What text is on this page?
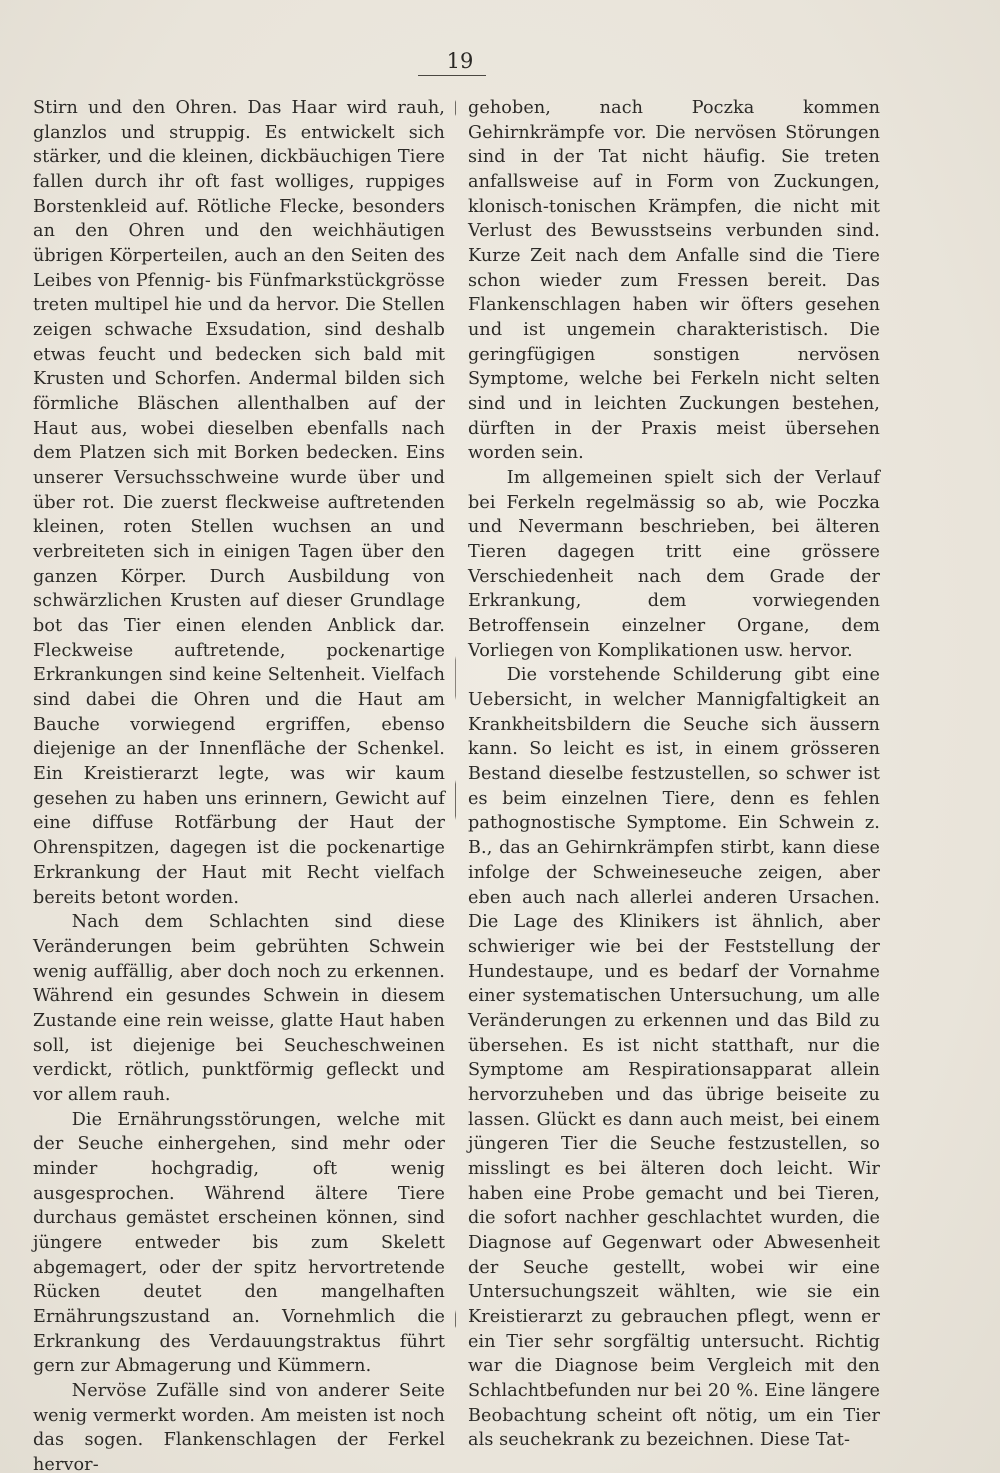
19

Stirn und den Ohren. Das Haar wird rauh, glanzlos und struppig. Es entwickelt sich stärker, und die kleinen, dickbäuchigen Tiere fallen durch ihr oft fast wolliges, ruppiges Borstenkleid auf. Rötliche Flecke, besonders an den Ohren und den weichhäutigen übrigen Körperteilen, auch an den Seiten des Leibes von Pfennig- bis Fünfmarkstückgrösse treten multipel hie und da hervor. Die Stellen zeigen schwache Exsudation, sind deshalb etwas feucht und bedecken sich bald mit Krusten und Schorfen. Andermal bilden sich förmliche Bläschen allenthalben auf der Haut aus, wobei dieselben ebenfalls nach dem Platzen sich mit Borken bedecken. Eins unserer Versuchsschweine wurde über und über rot. Die zuerst fleckweise auftretenden kleinen, roten Stellen wuchsen an und verbreiteten sich in einigen Tagen über den ganzen Körper. Durch Ausbildung von schwärzlichen Krusten auf dieser Grundlage bot das Tier einen elenden Anblick dar. Fleckweise auftretende, pockenartige Erkrankungen sind keine Seltenheit. Vielfach sind dabei die Ohren und die Haut am Bauche vorwiegend ergriffen, ebenso diejenige an der Innenfläche der Schenkel. Ein Kreistierarzt legte, was wir kaum gesehen zu haben uns erinnern, Gewicht auf eine diffuse Rotfärbung der Haut der Ohrenspitzen, dagegen ist die pockenartige Erkrankung der Haut mit Recht vielfach bereits betont worden.

Nach dem Schlachten sind diese Veränderungen beim gebrühten Schwein wenig auffällig, aber doch noch zu erkennen. Während ein gesundes Schwein in diesem Zustande eine rein weisse, glatte Haut haben soll, ist diejenige bei Seucheschweinen verdickt, rötlich, punktförmig gefleckt und vor allem rauh.

Die Ernährungsstörungen, welche mit der Seuche einhergehen, sind mehr oder minder hochgradig, oft wenig ausgesprochen. Während ältere Tiere durchaus gemästet erscheinen können, sind jüngere entweder bis zum Skelett abgemagert, oder der spitz hervortretende Rücken deutet den mangelhaften Ernährungszustand an. Vornehmlich die Erkrankung des Verdauungstraktus führt gern zur Abmagerung und Kümmern.

Nervöse Zufälle sind von anderer Seite wenig vermerkt worden. Am meisten ist noch das sogen. Flankenschlagen der Ferkel hervor-

gehoben, nach Poczka kommen Gehirnkrämpfe vor. Die nervösen Störungen sind in der Tat nicht häufig. Sie treten anfallsweise auf in Form von Zuckungen, klonisch-tonischen Krämpfen, die nicht mit Verlust des Bewusstseins verbunden sind. Kurze Zeit nach dem Anfalle sind die Tiere schon wieder zum Fressen bereit. Das Flankenschlagen haben wir öfters gesehen und ist ungemein charakteristisch. Die geringfügigen sonstigen nervösen Symptome, welche bei Ferkeln nicht selten sind und in leichten Zuckungen bestehen, dürften in der Praxis meist übersehen worden sein.

Im allgemeinen spielt sich der Verlauf bei Ferkeln regelmässig so ab, wie Poczka und Nevermann beschrieben, bei älteren Tieren dagegen tritt eine grössere Verschiedenheit nach dem Grade der Erkrankung, dem vorwiegenden Betroffensein einzelner Organe, dem Vorliegen von Komplikationen usw. hervor.

Die vorstehende Schilderung gibt eine Uebersicht, in welcher Mannigfaltigkeit an Krankheitsbildern die Seuche sich äussern kann. So leicht es ist, in einem grösseren Bestand dieselbe festzustellen, so schwer ist es beim einzelnen Tiere, denn es fehlen pathognostische Symptome. Ein Schwein z. B., das an Gehirnkrämpfen stirbt, kann diese infolge der Schweineseuche zeigen, aber eben auch nach allerlei anderen Ursachen. Die Lage des Klinikers ist ähnlich, aber schwieriger wie bei der Feststellung der Hundestaupe, und es bedarf der Vornahme einer systematischen Untersuchung, um alle Veränderungen zu erkennen und das Bild zu übersehen. Es ist nicht statthaft, nur die Symptome am Respirationsapparat allein hervorzuheben und das übrige beiseite zu lassen. Glückt es dann auch meist, bei einem jüngeren Tier die Seuche festzustellen, so misslingt es bei älteren doch leicht. Wir haben eine Probe gemacht und bei Tieren, die sofort nachher geschlachtet wurden, die Diagnose auf Gegenwart oder Abwesenheit der Seuche gestellt, wobei wir eine Untersuchungszeit wählten, wie sie ein Kreistierarzt zu gebrauchen pflegt, wenn er ein Tier sehr sorgfältig untersucht. Richtig war die Diagnose beim Vergleich mit den Schlachtbefunden nur bei 20 %. Eine längere Beobachtung scheint oft nötig, um ein Tier als seuchekrank zu bezeichnen. Diese Tat-
